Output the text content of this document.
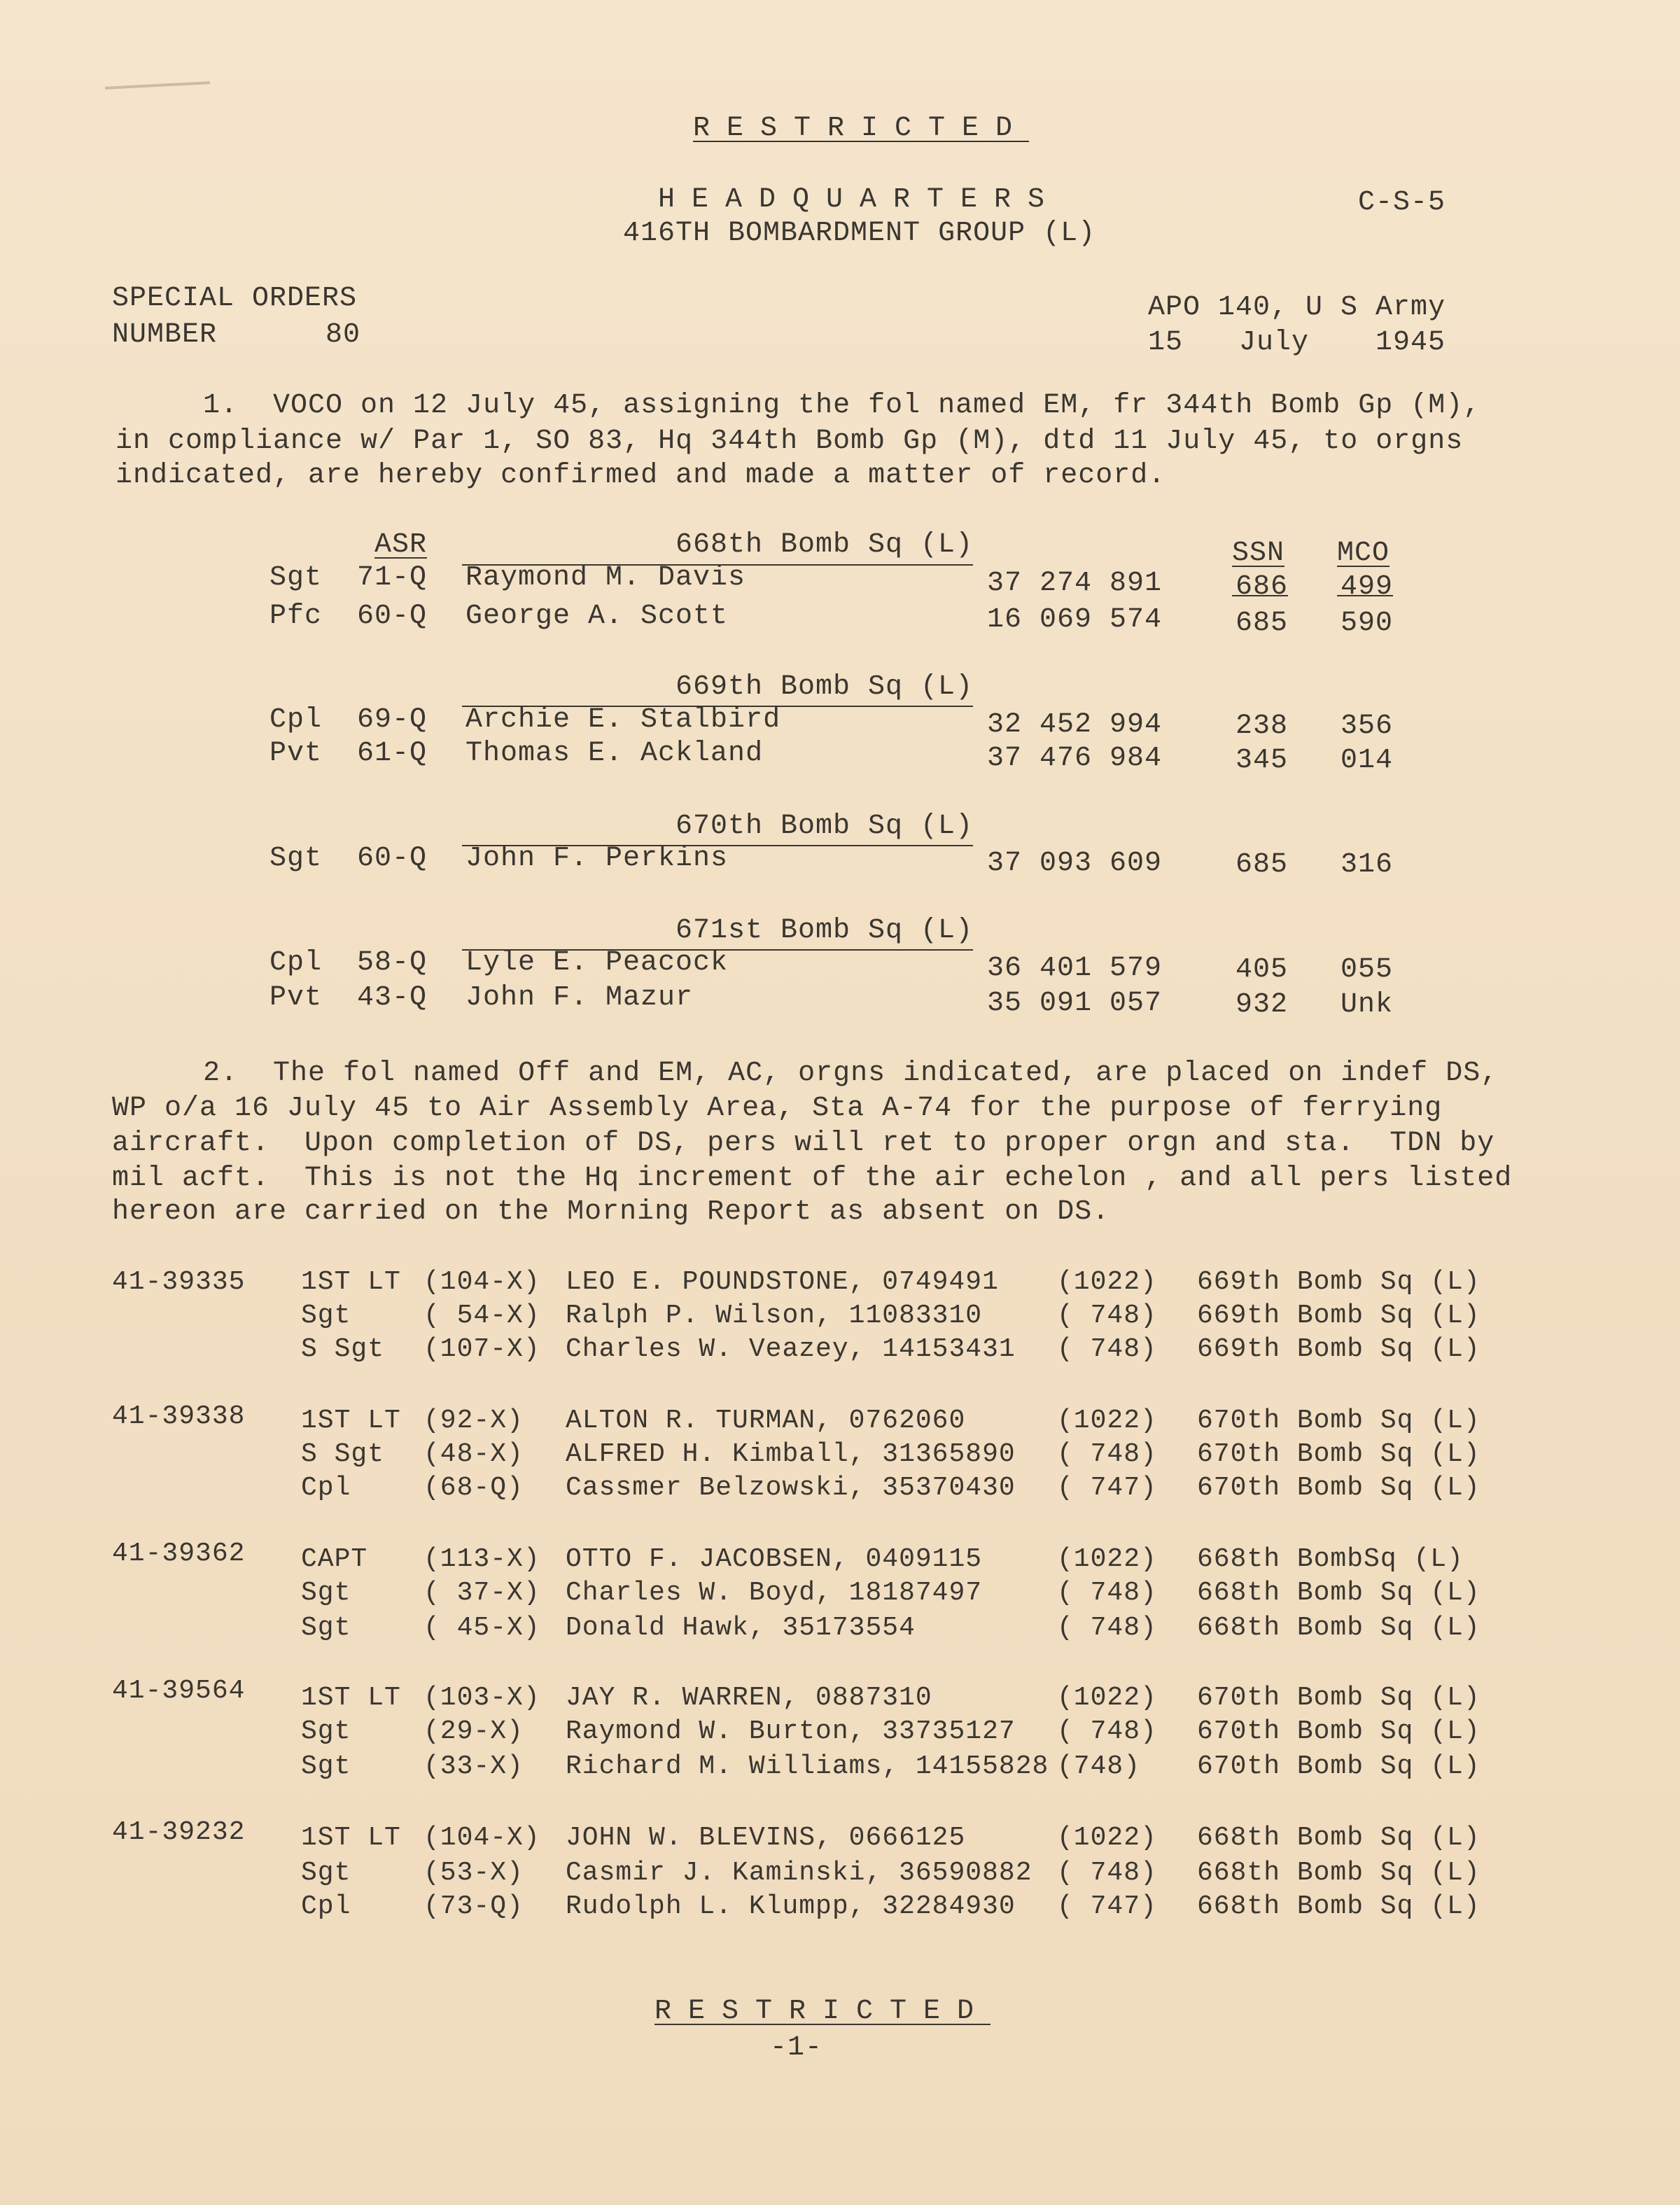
RESTRICTED
HEADQUARTERS	C-S-5
416TH BOMBARDMENT GROUP (L)
SPECIAL ORDERS
NUMBER	80
APO 140, U S Army
15 July 1945
1.  VOCO on 12 July 45, assigning the fol named EM, fr 344th Bomb Gp (M),
in compliance w/ Par 1, SO 83, Hq 344th Bomb Gp (M), dtd 11 July 45, to orgns
indicated, are hereby confirmed and made a matter of record.
ASR	SSN MCO
668th Bomb Sq (L)
Sgt 71-Q Raymond M. Davis	37 274 891	686 499
Pfc 60-Q George A. Scott	16 069 574	685 590
669th Bomb Sq (L)
Cpl 69-Q Archie E. Stalbird	32 452 994	238 356
Pvt 61-Q Thomas E. Ackland	37 476 984	345 014
670th Bomb Sq (L)
Sgt 60-Q John F. Perkins	37 093 609	685 316
671st Bomb Sq (L)
Cpl 58-Q Lyle E. Peacock	36 401 579	405 055
Pvt 43-Q John F. Mazur	35 091 057	932 Unk
2.  The fol named Off and EM, AC, orgns indicated, are placed on indef DS,
WP o/a 16 July 45 to Air Assembly Area, Sta A-74 for the purpose of ferrying
aircraft.  Upon completion of DS, pers will ret to proper orgn and sta.  TDN by
mil acft.  This is not the Hq increment of the air echelon , and all pers listed
hereon are carried on the Morning Report as absent on DS.
41-39335 1ST LT (104-X) LEO E. POUNDSTONE, 0749491 (1022) 669th Bomb Sq (L)
Sgt	( 54-X) Ralph P. Wilson, 11083310	( 748) 669th Bomb Sq (L)
S Sgt (107-X) Charles W. Veazey, 14153431 ( 748) 669th Bomb Sq (L)
41-39338 1ST LT (92-X) ALTON R. TURMAN, 0762060	(1022) 670th Bomb Sq (L)
S Sgt (48-X) ALFRED H. Kimball, 31365890 ( 748) 670th Bomb Sq (L)
Cpl	(68-Q) Cassmer Belzowski, 35370430 ( 747) 670th Bomb Sq (L)
41-39362 CAPT (113-X) OTTO F. JACOBSEN, 0409115	(1022) 668th BombSq (L)
Sgt	( 37-X) Charles W. Boyd, 18187497	( 748) 668th Bomb Sq (L)
Sgt	( 45-X) Donald Hawk, 35173554	( 748) 668th Bomb Sq (L)
41-39564 1ST LT (103-X) JAY R. WARREN, 0887310	(1022) 670th Bomb Sq (L)
Sgt	(29-X) Raymond W. Burton, 33735127 ( 748) 670th Bomb Sq (L)
Sgt	(33-X) Richard M. Williams, 14155828 (748) 670th Bomb Sq (L)
41-39232 1ST LT (104-X) JOHN W. BLEVINS, 0666125	(1022) 668th Bomb Sq (L)
Sgt	(53-X) Casmir J. Kaminski, 36590882 ( 748) 668th Bomb Sq (L)
Cpl	(73-Q) Rudolph L. Klumpp, 32284930 ( 747) 668th Bomb Sq (L)
RESTRICTED
-1-
